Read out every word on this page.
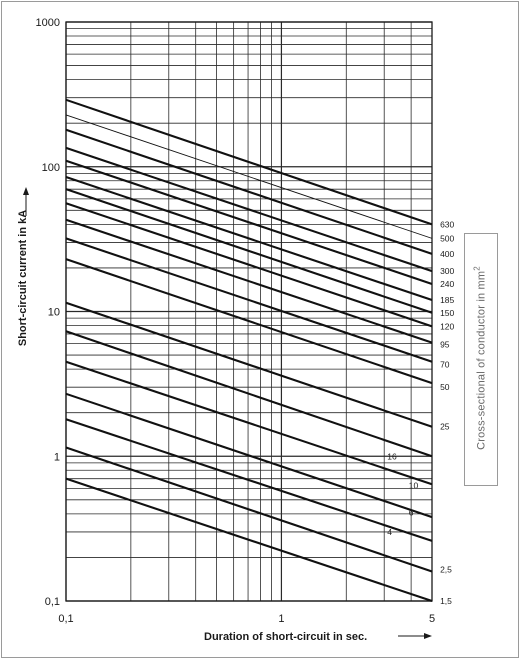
0,1	1	5
0,1
1
10
100
1000
630
500
400
300
240
185
150
120
95
70
50
25
16
10
6
4
2,5
1,5
Short-circuit current in kA
Duration of short-circuit in sec.
Cross-sectional of conductor in $mm^2$
